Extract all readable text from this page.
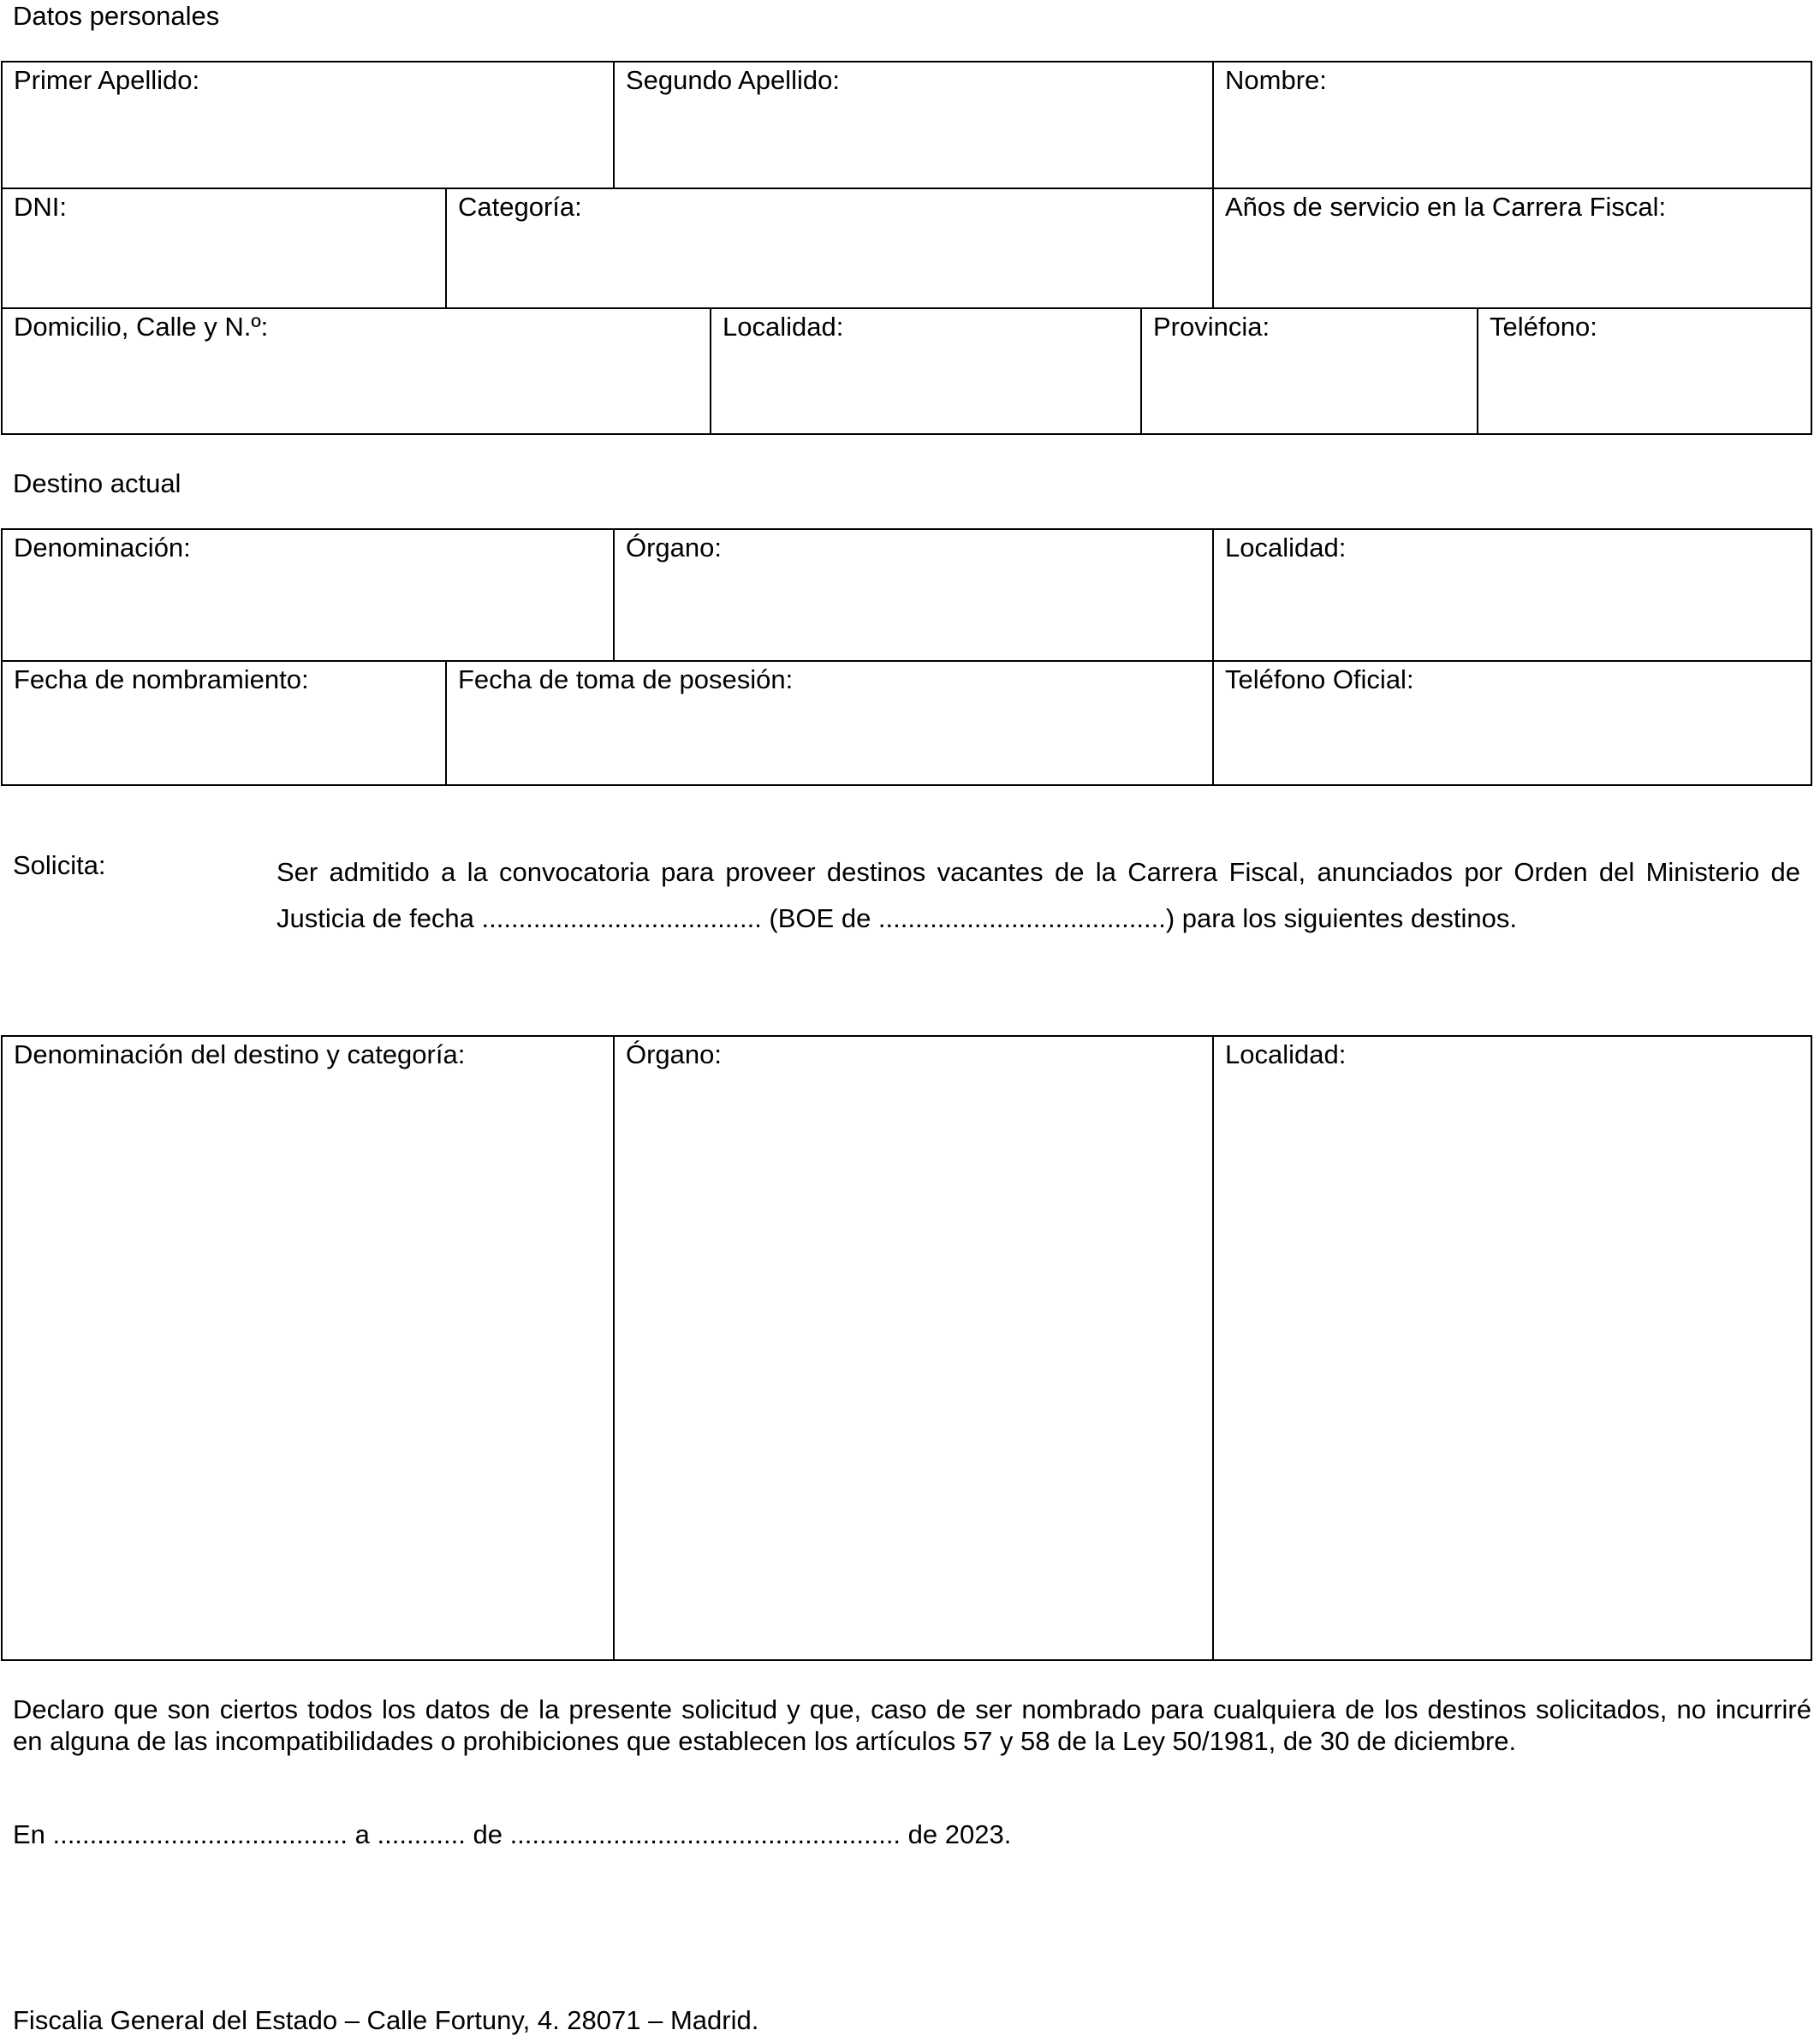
Datos personales
Primer Apellido:	Segundo Apellido:	Nombre:
DNI:	Categoría:	Años de servicio en la Carrera Fiscal:
Domicilio, Calle y N.º:	Localidad:	Provincia:	Teléfono:
Destino actual
Denominación:	Órgano:	Localidad:
Fecha de nombramiento:	Fecha de toma de posesión:	Teléfono Oficial:
Solicita:	Ser admitido a la convocatoria para proveer destinos vacantes de la Carrera Fiscal, anunciados por Orden del Ministerio de
Justicia de fecha ...................................... (BOE de .......................................) para los siguientes destinos.
Denominación del destino y categoría:	Órgano:	Localidad:
Declaro que son ciertos todos los datos de la presente solicitud y que, caso de ser nombrado para cualquiera de los destinos solicitados, no incurriré
en alguna de las incompatibilidades o prohibiciones que establecen los artículos 57 y 58 de la Ley 50/1981, de 30 de diciembre.
En ........................................ a ............ de ..................................................... de 2023.
Fiscalia General del Estado – Calle Fortuny, 4. 28071 – Madrid.
